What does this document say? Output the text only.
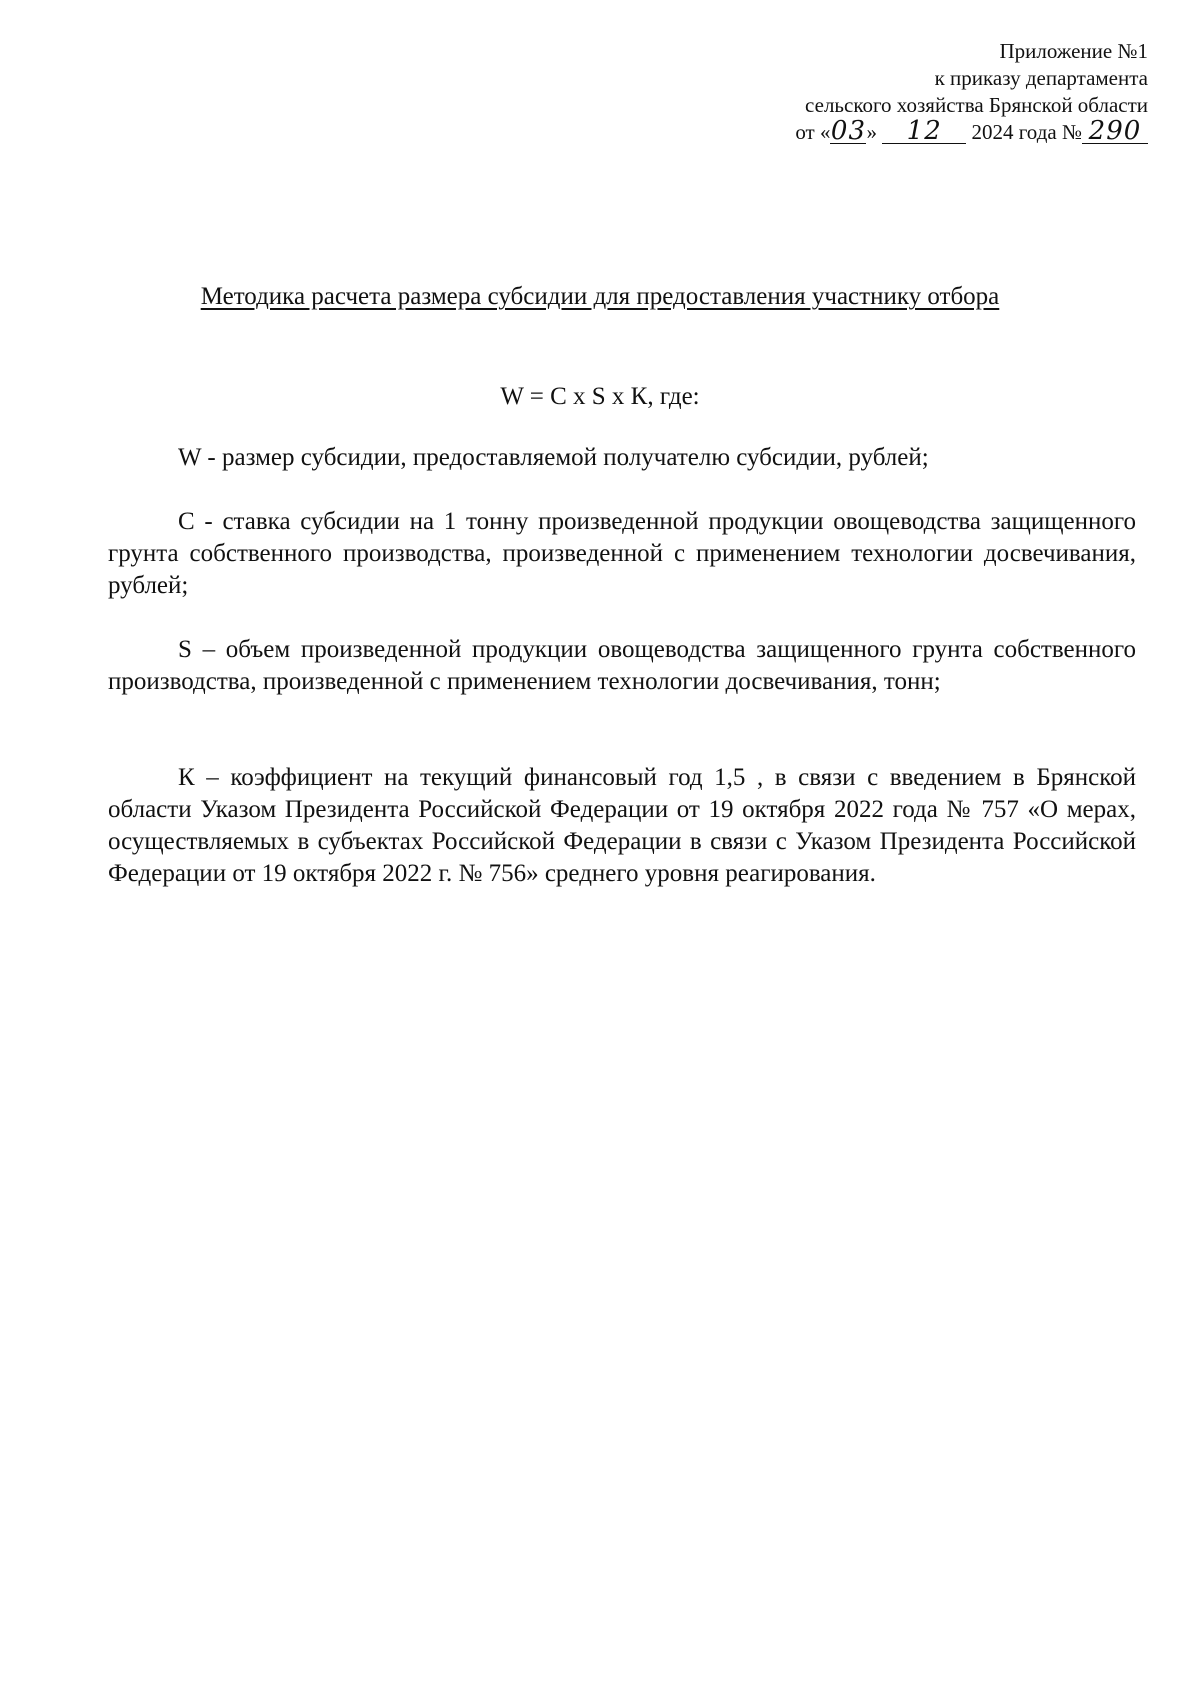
Приложение №1
к приказу департамента
сельского хозяйства Брянской области
от «03» 12 2024 года № 290
Методика расчета размера субсидии для предоставления участнику отбора
W = C x S x К, где:

W - размер субсидии, предоставляемой получателю субсидии, рублей;

С - ставка субсидии на 1 тонну произведенной продукции овощеводства защищенного грунта собственного производства, произведенной с применением технологии досвечивания, рублей;

S – объем произведенной продукции овощеводства защищенного грунта собственного производства, произведенной с применением технологии досвечивания, тонн;

К – коэффициент на текущий финансовый год 1,5 , в связи с введением в Брянской области Указом Президента Российской Федерации от 19 октября 2022 года № 757 «О мерах, осуществляемых в субъектах Российской Федерации в связи с Указом Президента Российской Федерации от 19 октября 2022 г. № 756» среднего уровня реагирования.
